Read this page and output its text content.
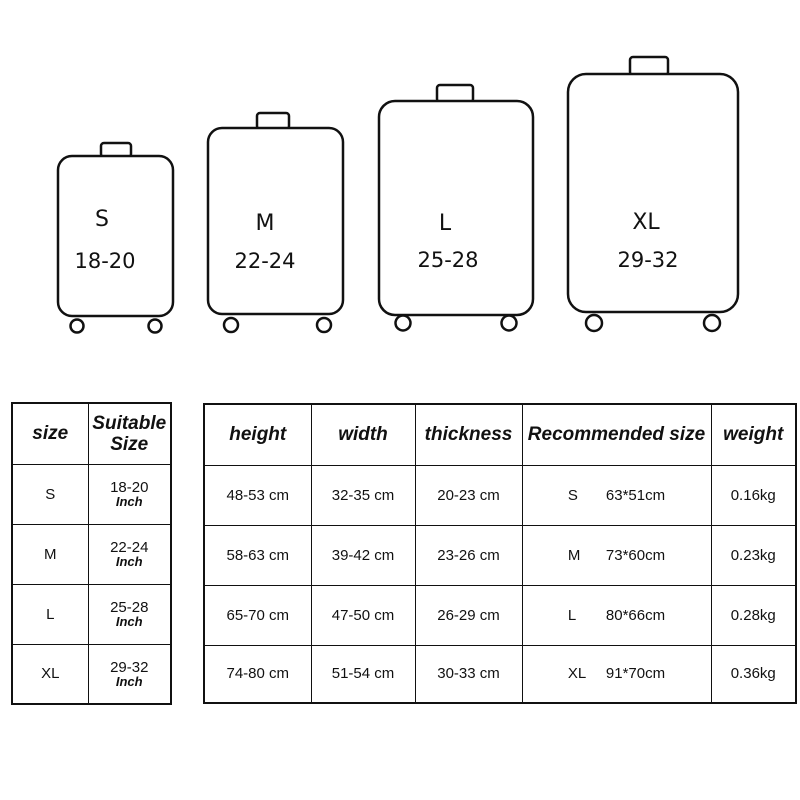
S
18-20
M
22-24
L
25-28
XL
29-32
size	Suitable Size
S	18-20
Inch

M	22-24
Inch

L	25-28
Inch

XL	29-32
Inch
height	width	thickness	Recommended size	weight
48-53 cm	32-35 cm	20-23 cm	S 63*51cm	0.16kg
58-63 cm	39-42 cm	23-26 cm	M 73*60cm	0.23kg
65-70 cm	47-50 cm	26-29 cm	L 80*66cm	0.28kg
74-80 cm	51-54 cm	30-33 cm	XL 91*70cm	0.36kg
